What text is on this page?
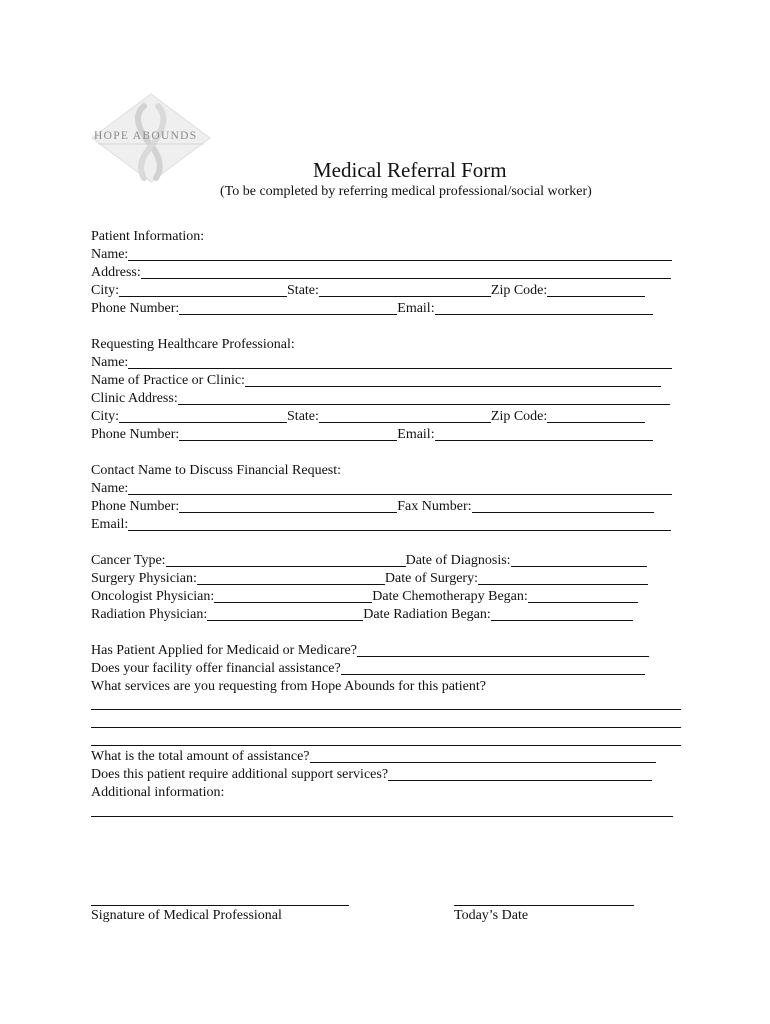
HOPE ABOUNDS
Medical Referral Form
(To be completed by referring medical professional/social worker)
Patient Information:
Name:
Address:
City:	State:	Zip Code:
Phone Number:	Email:
Requesting Healthcare Professional:
Name:
Name of Practice or Clinic:
Clinic Address:
City:	State:	Zip Code:
Phone Number:	Email:
Contact Name to Discuss Financial Request:
Name:
Phone Number:	Fax Number:
Email:
Cancer Type:	Date of Diagnosis:
Surgery Physician:	Date of Surgery:
Oncologist Physician:	Date Chemotherapy Began:
Radiation Physician:	Date Radiation Began:
Has Patient Applied for Medicaid or Medicare?
Does your facility offer financial assistance?
What services are you requesting from Hope Abounds for this patient?
What is the total amount of assistance?
Does this patient require additional support services?
Additional information:
Signature of Medical Professional	Today’s Date
